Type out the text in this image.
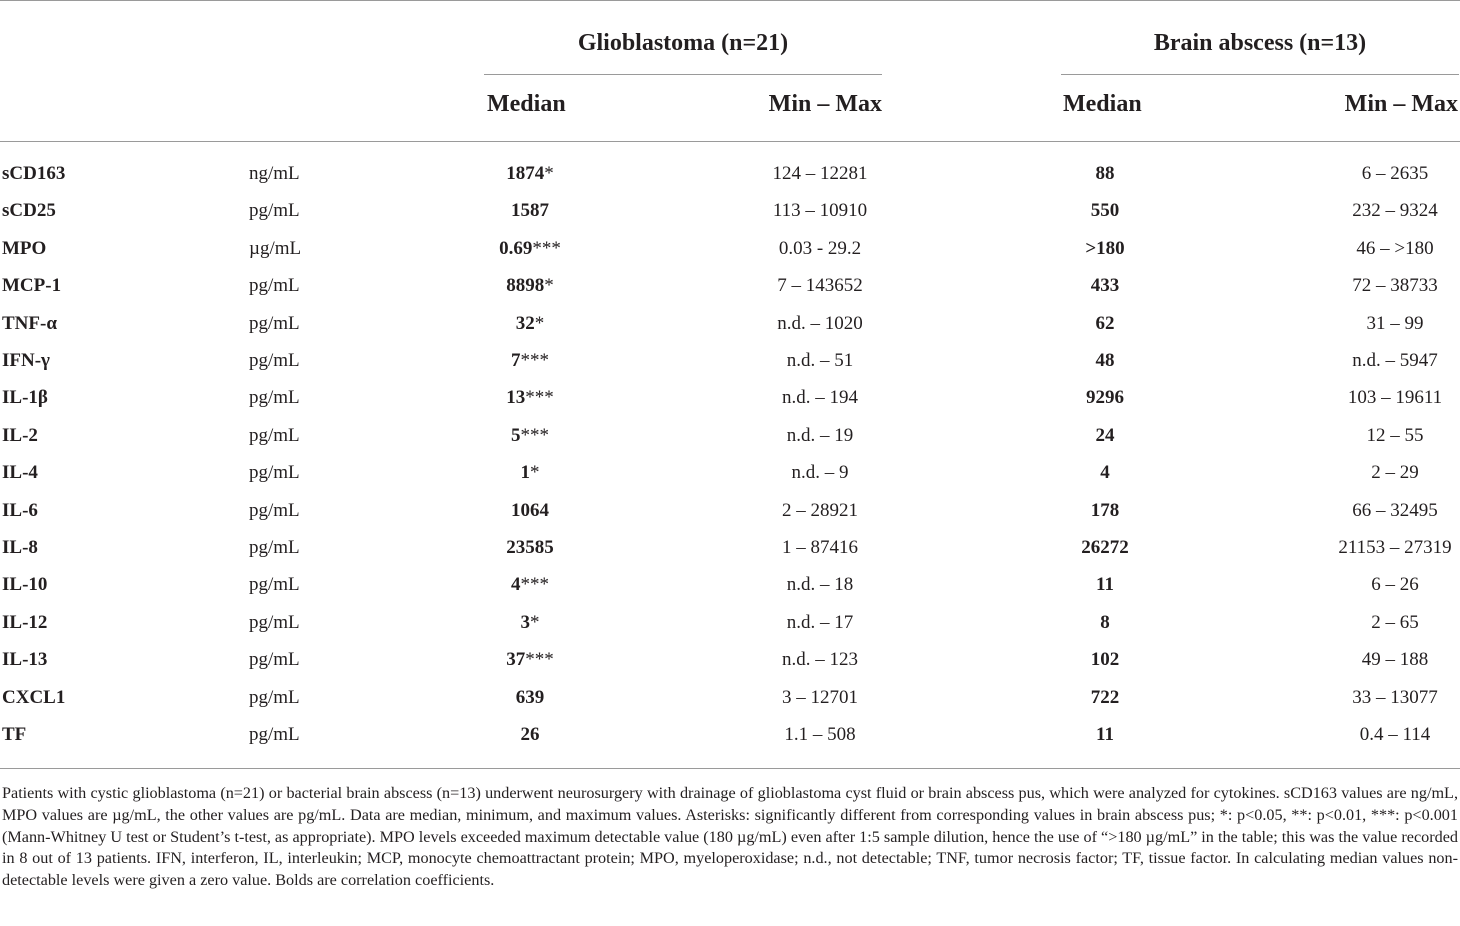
Glioblastoma (n=21)	Brain abscess (n=13)
Median	Min – Max	Median	Min – Max
sCD163	ng/mL	1874*	124 – 12281	88	6 – 2635
sCD25	pg/mL	1587	113 – 10910	550	232 – 9324
MPO	µg/mL	0.69***	0.03 - 29.2	>180	46 – >180
MCP-1	pg/mL	8898*	7 – 143652	433	72 – 38733
TNF-α	pg/mL	32*	n.d. – 1020	62	31 – 99
IFN-γ	pg/mL	7***	n.d. – 51	48	n.d. – 5947
IL-1β	pg/mL	13***	n.d. – 194	9296	103 – 19611
IL-2	pg/mL	5***	n.d. – 19	24	12 – 55
IL-4	pg/mL	1*	n.d. – 9	4	2 – 29
IL-6	pg/mL	1064	2 – 28921	178	66 – 32495
IL-8	pg/mL	23585	1 – 87416	26272	21153 – 27319
IL-10	pg/mL	4***	n.d. – 18	11	6 – 26
IL-12	pg/mL	3*	n.d. – 17	8	2 – 65
IL-13	pg/mL	37***	n.d. – 123	102	49 – 188
CXCL1	pg/mL	639	3 – 12701	722	33 – 13077
TF	pg/mL	26	1.1 – 508	11	0.4 – 114
Patients with cystic glioblastoma (n=21) or bacterial brain abscess (n=13) underwent neurosurgery with drainage of glioblastoma cyst fluid or brain abscess pus, which were analyzed for cytokines. sCD163 values are ng/mL, MPO values are µg/mL, the other values are pg/mL. Data are median, minimum, and maximum values. Asterisks: significantly different from corresponding values in brain abscess pus; *: p<0.05, **: p<0.01, ***: p<0.001 (Mann-Whitney U test or Student’s t-test, as appropriate). MPO levels exceeded maximum detectable value (180 µg/mL) even after 1:5 sample dilution, hence the use of “>180 µg/mL” in the table; this was the value recorded in 8 out of 13 patients. IFN, interferon, IL, interleukin; MCP, monocyte chemoattractant protein; MPO, myeloperoxidase; n.d., not detectable; TNF, tumor necrosis factor; TF, tissue factor. In calculating median values non-detectable levels were given a zero value. Bolds are correlation coefficients.
